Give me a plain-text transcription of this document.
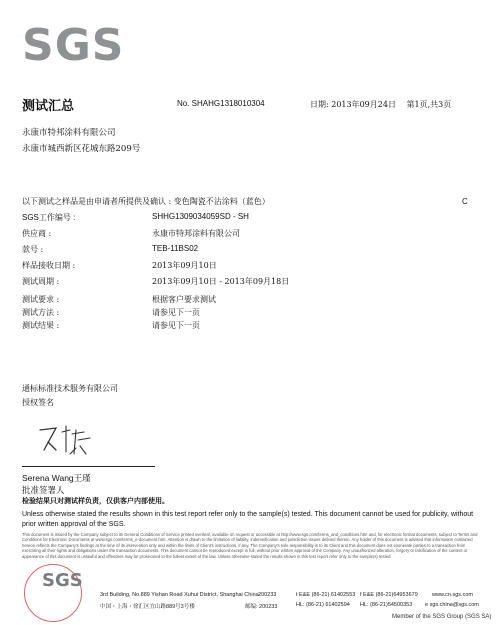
SGS
测试汇总	No. SHAHG1318010304	日期: 2013年09月24日 第1页,共3页
永康市特邦涂料有限公司
永康市城西新区花城东路209号
以下测试之样品是由申请者所提供及确认 : 变色陶瓷不沾涂料（蓝色）	C
SGS工作编号 :	SHHG1309034059SD - SH
供应商 :	永康市特邦涂料有限公司
款号 :	TEB-11BS02
样品接收日期 :	2013年09月10日
测试周期 :	2013年09月10日 - 2013年09月18日
测试要求 :	根据客户要求测试
测试方法 :	请参见下一页
测试结果 :	请参见下一页
通标标准技术服务有限公司
授权签名
Serena Wang王瑾
批准签署人
检验结果只对测试样负责，仅供客户内部使用。
Unless otherwise stated the results shown in this test report refer only to the sample(s) tested. This document cannot be used for publicity, without prior written approval of the SGS.
This document is issued by the Company subject to its General Conditions of Service printed overleaf, available on request or accessible at http://www.sgs.com/terms_and_conditions.htm and, for electronic format documents, subject to Terms and Conditions for Electronic Documents at www.sgs.com/terms_e-document.htm. Attention is drawn to the limitation of liability, indemnification and jurisdiction issues defined therein. Any holder of this document is advised that information contained hereon reflects the Company's findings at the time of its intervention only and within the limits of Client's instructions, if any. The Company's sole responsibility is to its Client and this document does not exonerate parties to a transaction from exercising all their rights and obligations under the transaction documents. This document cannot be reproduced except in full, without prior written approval of the Company. Any unauthorized alteration, forgery or falsification of the content or appearance of this document is unlawful and offenders may be prosecuted to the fullest extent of the law. Unless otherwise stated the results shown in this test report refer only to the sample(s) tested.
SGS
3rd Building, No.889 Yishan Road Xuhui District, Shanghai China
中国・上海・徐汇区宜山路889号3号楼
200233
邮编: 200233
t E&E (86-21) 61402553 f E&E (86-21)64953679
HL: (86-21) 61402594 HL: (86-21)54500353
www.cn.sgs.com
e sgs.china@sgs.com
Member of the SGS Group (SGS SA)
